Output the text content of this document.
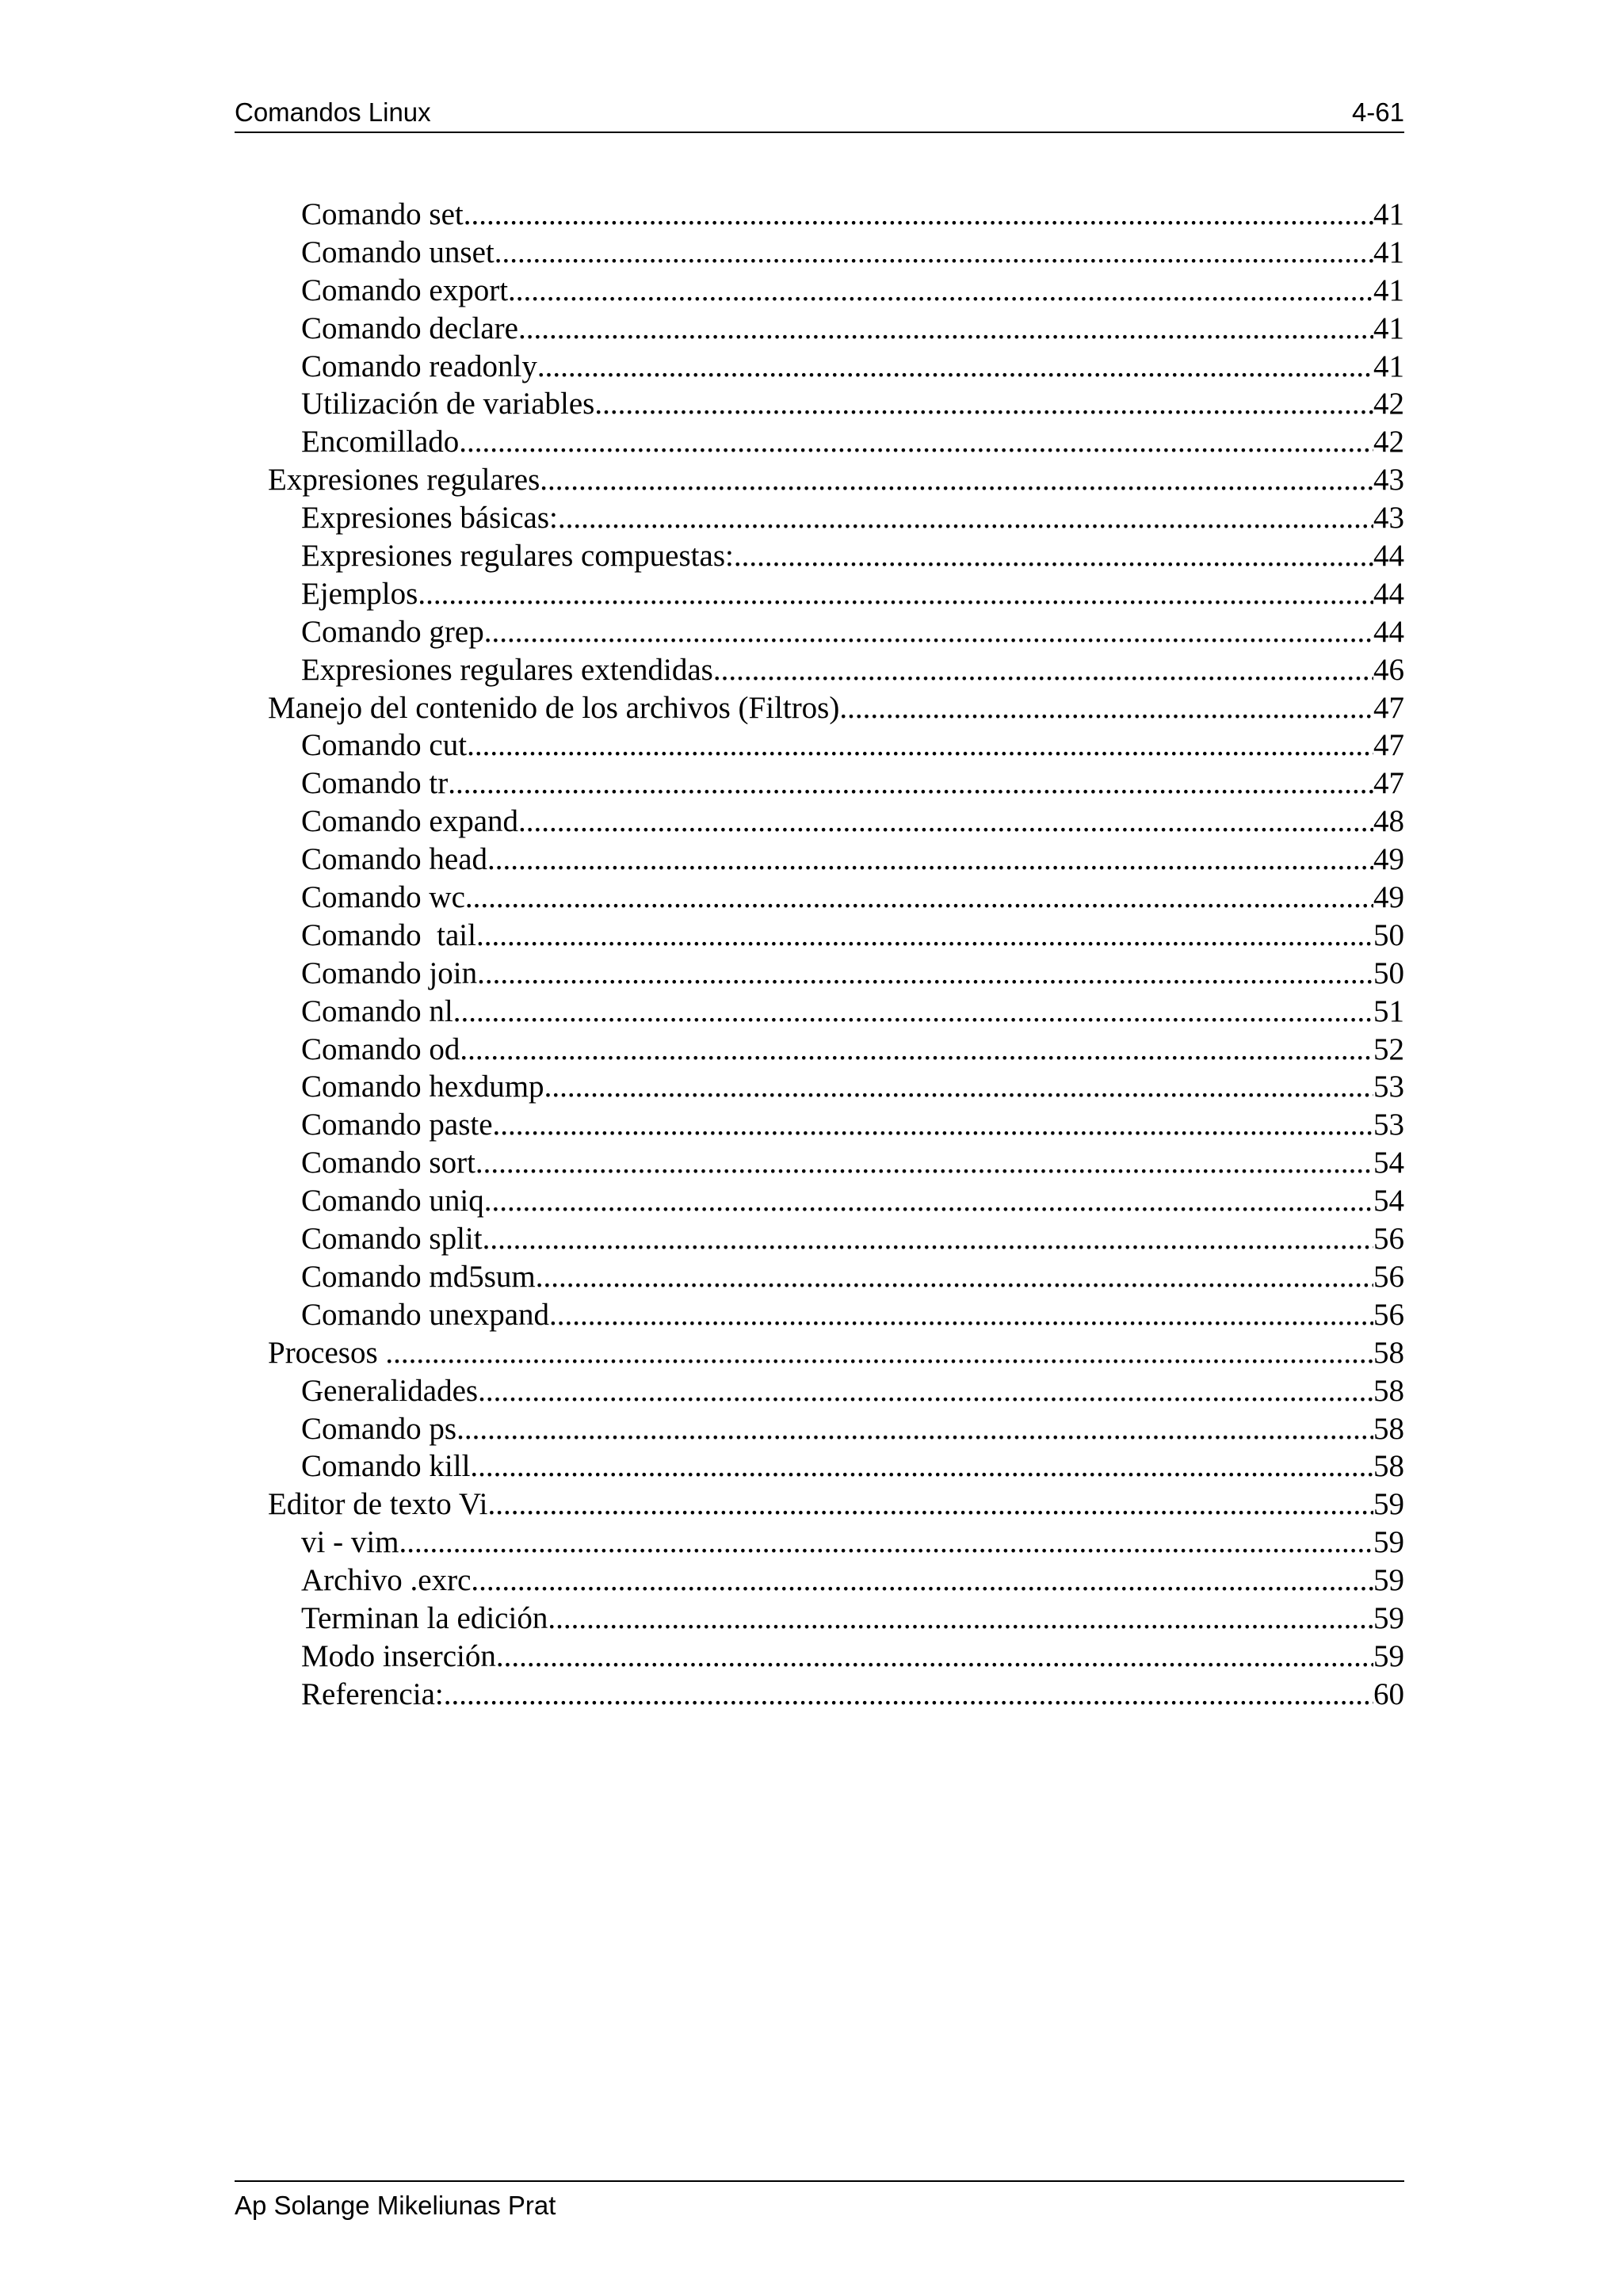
Comandos Linux	4-61
Comando set .....	41
Comando unset .....	41
Comando export .....	41
Comando declare .....	41
Comando readonly .....	41
Utilización de variables .....	42
Encomillado .....	42
Expresiones regulares .....	43
Expresiones básicas: .....	43
Expresiones regulares compuestas: .....	44
Ejemplos .....	44
Comando grep .....	44
Expresiones regulares extendidas .....	46
Manejo del contenido de los archivos (Filtros) .....	47
Comando cut .....	47
Comando tr .....	47
Comando expand .....	48
Comando head .....	49
Comando wc .....	49
Comando  tail .....	50
Comando join .....	50
Comando nl .....	51
Comando od .....	52
Comando hexdump .....	53
Comando paste .....	53
Comando sort .....	54
Comando uniq .....	54
Comando split .....	56
Comando md5sum .....	56
Comando unexpand .....	56
Procesos .....	58
Generalidades .....	58
Comando ps .....	58
Comando kill .....	58
Editor de texto Vi .....	59
vi - vim .....	59
Archivo .exrc .....	59
Terminan la edición .....	59
Modo inserción .....	59
Referencia: .....	60
Ap Solange Mikeliunas Prat
